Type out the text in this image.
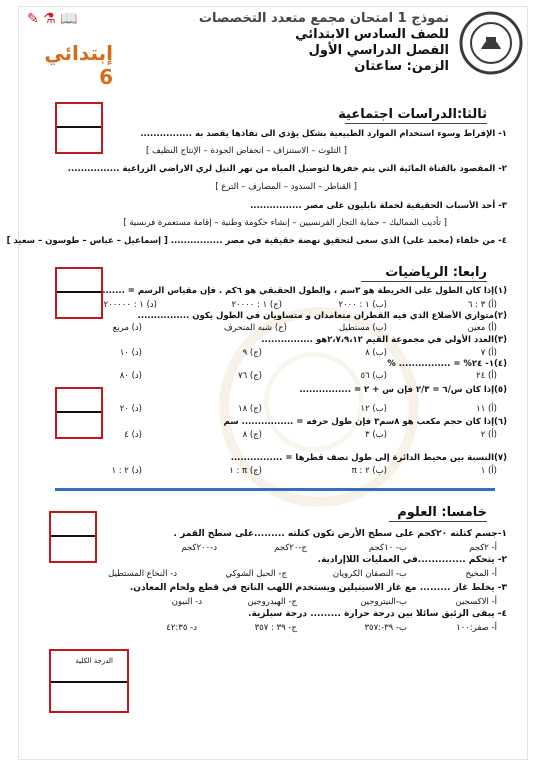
نموذج 1 امتحان مجمع متعدد التخصصات
للصف السادس الابتدائي
الفصل الدراسي الأول
الزمن: ساعتان
✎ ⚗ 📖
إبتدائي 6
الدرجة الكلية
ثالثا:الدراسات اجتماعية
١- الإفراط وسوء استخدام الموارد الطبيعية بشكل يؤدي الى نفاذها يقصد به ................
[ التلوث – الاستنزاف – انخفاض الجودة – الإنتاج النظيف ]
٢- المقصود بالقناة المائية التي يتم حفرها لتوصيل المياه من نهر النيل لري الاراضي الزراعية ................
[ القناطر – السدود – المصارف – الترع ]
٣- أحد الأسباب الحقيقية لحملة نابليون على مصر ................
[ تأديب المماليك – حماية التجار الفرنسيين – إنشاء حكومة وطنية – إقامة مستعمرة فرنسية ]
٤- من خلفاء (محمد على) الذي سعى لتحقيق نهضة حقيقية في مصر ................ [ إسماعيل – عباس – طوسون – سعيد ]
رابعا: الرياضيات
(١)إذا كان الطول على الخريطة هو ٣سم ، والطول الحقيقي هو ٦كم . فإن مقياس الرسم = ................
(أ) ٣ : ٦
(ب) ١ : ٢٠٠٠
(ج) ١ : ٢٠٠٠٠
(د) ١ : ٢٠٠٠٠٠
(٢)متوازي الأضلاع الذي فيه القطران متعامدان و متساويان في الطول يكون ................
(أ) معين
(ب) مستطيل
(ج) شبه المنحرف
(د) مربع
(٣)العدد الأولي في مجموعة القيم ٢،٧،٩،١٢هو ................
(أ) ٧
(ب) ٨
(ج) ٩
(د) ١٠
(٤)١- ٢٤% = ................ %
(أ) ٢٤
(ب) ٥٦
(ج) ٧٦
(د) ٨٠
(٥)إذا كان س/٦ = ٢/٣ فإن س + ٢ = ................
(أ) ١١
(ب) ١٢
(ج) ١٨
(د) ٢٠
(٦)إذا كان حجم مكعب هو ٨سم٣ فإن طول حرفه = ................ سم
(أ) ٢
(ب) ٣
(ج) ٨
(د) ٤
(٧)النسبة بين محيط الدائرة إلى طول نصف قطرها = ................
(أ) ١
(ب) ٢ : π
(ج) π : ١
(د) ٢ : ١
خامسا: العلوم
١-جسم كتلته ٢٠كجم على سطح الأرض تكون كتلته .........على سطح القمر .
أ- ٢كجم
ب- ١٠كجم
ج-٢٠كجم
د-٢٠٠كجم
٢- يتحكم ..............في العمليات اللاإرادية.
أ- المخيخ
ب- النصفان الكرويان
ج- الحبل الشوكي
د- النخاع المستطيل
٣- يخلط غاز ......... مع غاز الاسيتيلين ويستخدم اللهب الناتج في قطع ولحام المعادن.
أ- الاكسجين
ب-النيتروجين
ج- الهيدروجين
د- النيون
٤- يبقى الزئبق سائلا بين درجة حرارة ......... درجة سيلزية.
أ- صفر:١٠٠
ب- ٣٩-:٣٥٧
ج- ٣٩ : ٣٥٧
د- ٤٢:٣٥
